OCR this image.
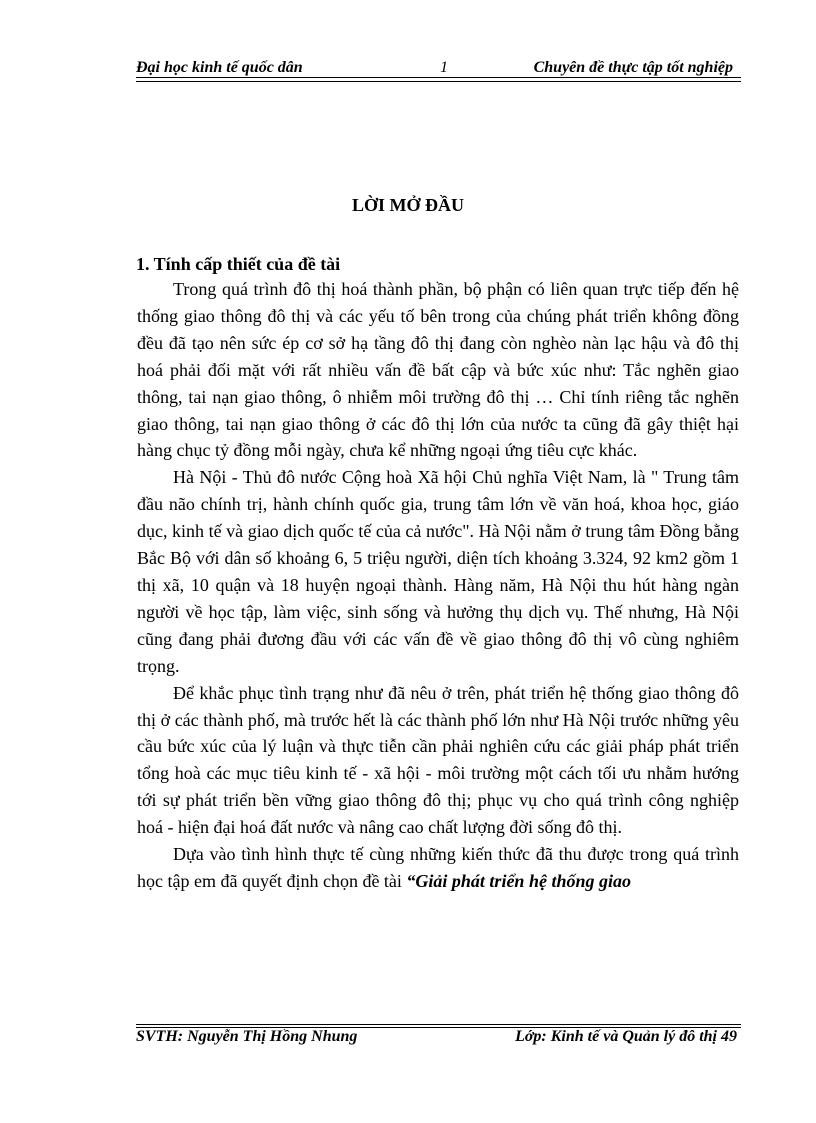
Đại học kinh tế quốc dân	1	Chuyên đề thực tập tốt nghiệp
LỜI MỞ ĐẦU
1. Tính cấp thiết của đề tài

Trong quá trình đô thị hoá thành phần, bộ phận có liên quan trực tiếp đến hệ thống giao thông đô thị và các yếu tố bên trong của chúng phát triển không đồng đều đã tạo nên sức ép cơ sở hạ tầng đô thị đang còn nghèo nàn lạc hậu và đô thị hoá phải đối mặt với rất nhiều vấn đề bất cập và bức xúc như: Tắc nghẽn giao thông, tai nạn giao thông, ô nhiễm môi trường đô thị … Chỉ tính riêng tắc nghẽn giao thông, tai nạn giao thông ở các đô thị lớn của nước ta cũng đã gây thiệt hại hàng chục tỷ đồng mỗi ngày, chưa kể những ngoại ứng tiêu cực khác.

Hà Nội - Thủ đô nước Cộng hoà Xã hội Chủ nghĩa Việt Nam, là " Trung tâm đầu não chính trị, hành chính quốc gia, trung tâm lớn về văn hoá, khoa học, giáo dục, kinh tế và giao dịch quốc tế của cả nước". Hà Nội nằm ở trung tâm Đồng bằng Bắc Bộ với dân số khoảng 6, 5 triệu người, diện tích khoảng 3.324, 92 km2 gồm 1 thị xã, 10 quận và 18 huyện ngoại thành. Hàng năm, Hà Nội thu hút hàng ngàn người về học tập, làm việc, sinh sống và hưởng thụ dịch vụ. Thế nhưng, Hà Nội cũng đang phải đương đầu với các vấn đề về giao thông đô thị vô cùng nghiêm trọng.

Để khắc phục tình trạng như đã nêu ở trên, phát triển hệ thống giao thông đô thị ở các thành phố, mà trước hết là các thành phố lớn như Hà Nội trước những yêu cầu bức xúc của lý luận và thực tiễn cần phải nghiên cứu các giải pháp phát triển tổng hoà các mục tiêu kinh tế - xã hội - môi trường một cách tối ưu nhằm hướng tới sự phát triển bền vững giao thông đô thị; phục vụ cho quá trình công nghiệp hoá - hiện đại hoá đất nước và nâng cao chất lượng đời sống đô thị.

Dựa vào tình hình thực tế cùng những kiến thức đã thu được trong quá trình học tập em đã quyết định chọn đề tài “Giải phát triển hệ thống giao

SVTH: Nguyễn Thị Hồng Nhung	Lớp: Kinh tế và Quản lý đô thị 49
